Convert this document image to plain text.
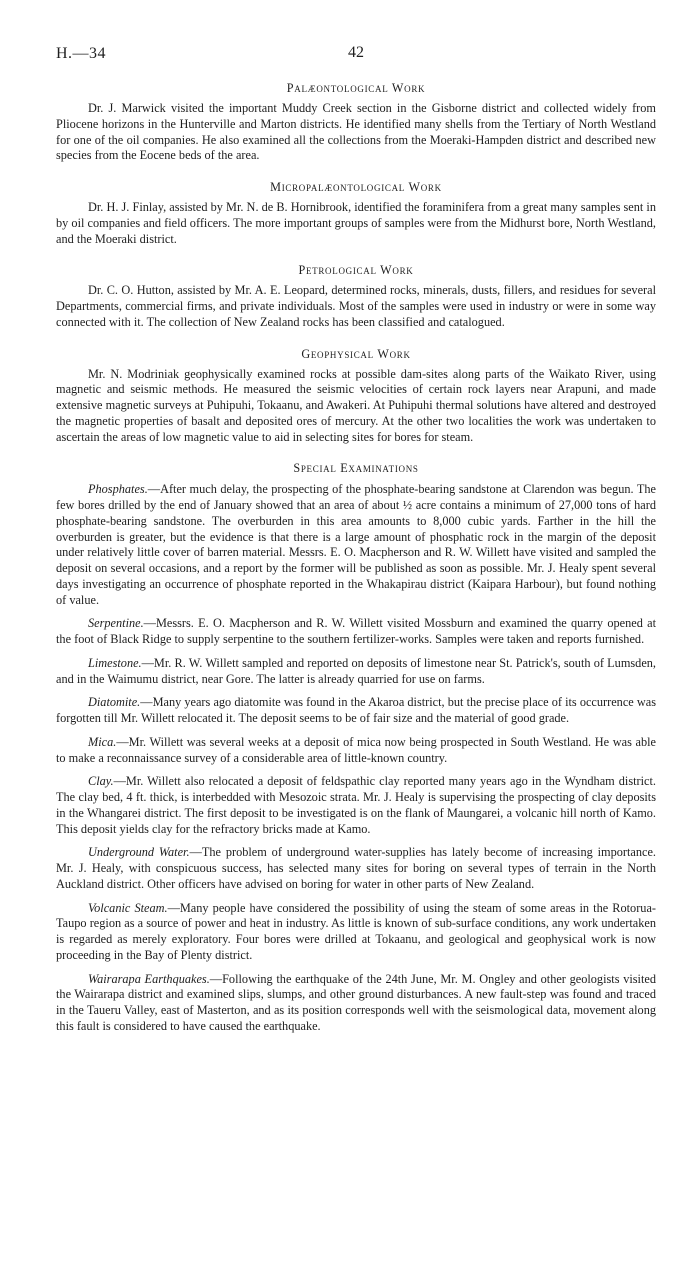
H.—34	42
Palæontological Work

Dr. J. Marwick visited the important Muddy Creek section in the Gisborne district and collected widely from Pliocene horizons in the Hunterville and Marton districts. He identified many shells from the Tertiary of North Westland for one of the oil companies. He also examined all the collections from the Moeraki-Hampden district and described new species from the Eocene beds of the area.

Micropalæontological Work

Dr. H. J. Finlay, assisted by Mr. N. de B. Hornibrook, identified the foraminifera from a great many samples sent in by oil companies and field officers. The more important groups of samples were from the Midhurst bore, North Westland, and the Moeraki district.

Petrological Work

Dr. C. O. Hutton, assisted by Mr. A. E. Leopard, determined rocks, minerals, dusts, fillers, and residues for several Departments, commercial firms, and private individuals. Most of the samples were used in industry or were in some way connected with it. The collection of New Zealand rocks has been classified and catalogued.

Geophysical Work

Mr. N. Modriniak geophysically examined rocks at possible dam-sites along parts of the Waikato River, using magnetic and seismic methods. He measured the seismic velocities of certain rock layers near Arapuni, and made extensive magnetic surveys at Puhipuhi, Tokaanu, and Awakeri. At Puhipuhi thermal solutions have altered and destroyed the magnetic properties of basalt and deposited ores of mercury. At the other two localities the work was undertaken to ascertain the areas of low magnetic value to aid in selecting sites for bores for steam.

Special Examinations

Phosphates.—After much delay, the prospecting of the phosphate-bearing sandstone at Clarendon was begun. The few bores drilled by the end of January showed that an area of about ½ acre contains a minimum of 27,000 tons of hard phosphate-bearing sandstone. The overburden in this area amounts to 8,000 cubic yards. Farther in the hill the overburden is greater, but the evidence is that there is a large amount of phosphatic rock in the margin of the deposit under relatively little cover of barren material. Messrs. E. O. Macpherson and R. W. Willett have visited and sampled the deposit on several occasions, and a report by the former will be published as soon as possible. Mr. J. Healy spent several days investigating an occurrence of phosphate reported in the Whakapirau district (Kaipara Harbour), but found nothing of value.

Serpentine.—Messrs. E. O. Macpherson and R. W. Willett visited Mossburn and examined the quarry opened at the foot of Black Ridge to supply serpentine to the southern fertilizer-works. Samples were taken and reports furnished.

Limestone.—Mr. R. W. Willett sampled and reported on deposits of limestone near St. Patrick's, south of Lumsden, and in the Waimumu district, near Gore. The latter is already quarried for use on farms.

Diatomite.—Many years ago diatomite was found in the Akaroa district, but the precise place of its occurrence was forgotten till Mr. Willett relocated it. The deposit seems to be of fair size and the material of good grade.

Mica.—Mr. Willett was several weeks at a deposit of mica now being prospected in South Westland. He was able to make a reconnaissance survey of a considerable area of little-known country.

Clay.—Mr. Willett also relocated a deposit of feldspathic clay reported many years ago in the Wyndham district. The clay bed, 4 ft. thick, is interbedded with Mesozoic strata. Mr. J. Healy is supervising the prospecting of clay deposits in the Whangarei district. The first deposit to be investigated is on the flank of Maungarei, a volcanic hill north of Kamo. This deposit yields clay for the refractory bricks made at Kamo.

Underground Water.—The problem of underground water-supplies has lately become of increasing importance. Mr. J. Healy, with conspicuous success, has selected many sites for boring on several types of terrain in the North Auckland district. Other officers have advised on boring for water in other parts of New Zealand.

Volcanic Steam.—Many people have considered the possibility of using the steam of some areas in the Rotorua-Taupo region as a source of power and heat in industry. As little is known of sub-surface conditions, any work undertaken is regarded as merely exploratory. Four bores were drilled at Tokaanu, and geological and geophysical work is now proceeding in the Bay of Plenty district.

Wairarapa Earthquakes.—Following the earthquake of the 24th June, Mr. M. Ongley and other geologists visited the Wairarapa district and examined slips, slumps, and other ground disturbances. A new fault-step was found and traced in the Taueru Valley, east of Masterton, and as its position corresponds well with the seismological data, movement along this fault is considered to have caused the earthquake.
